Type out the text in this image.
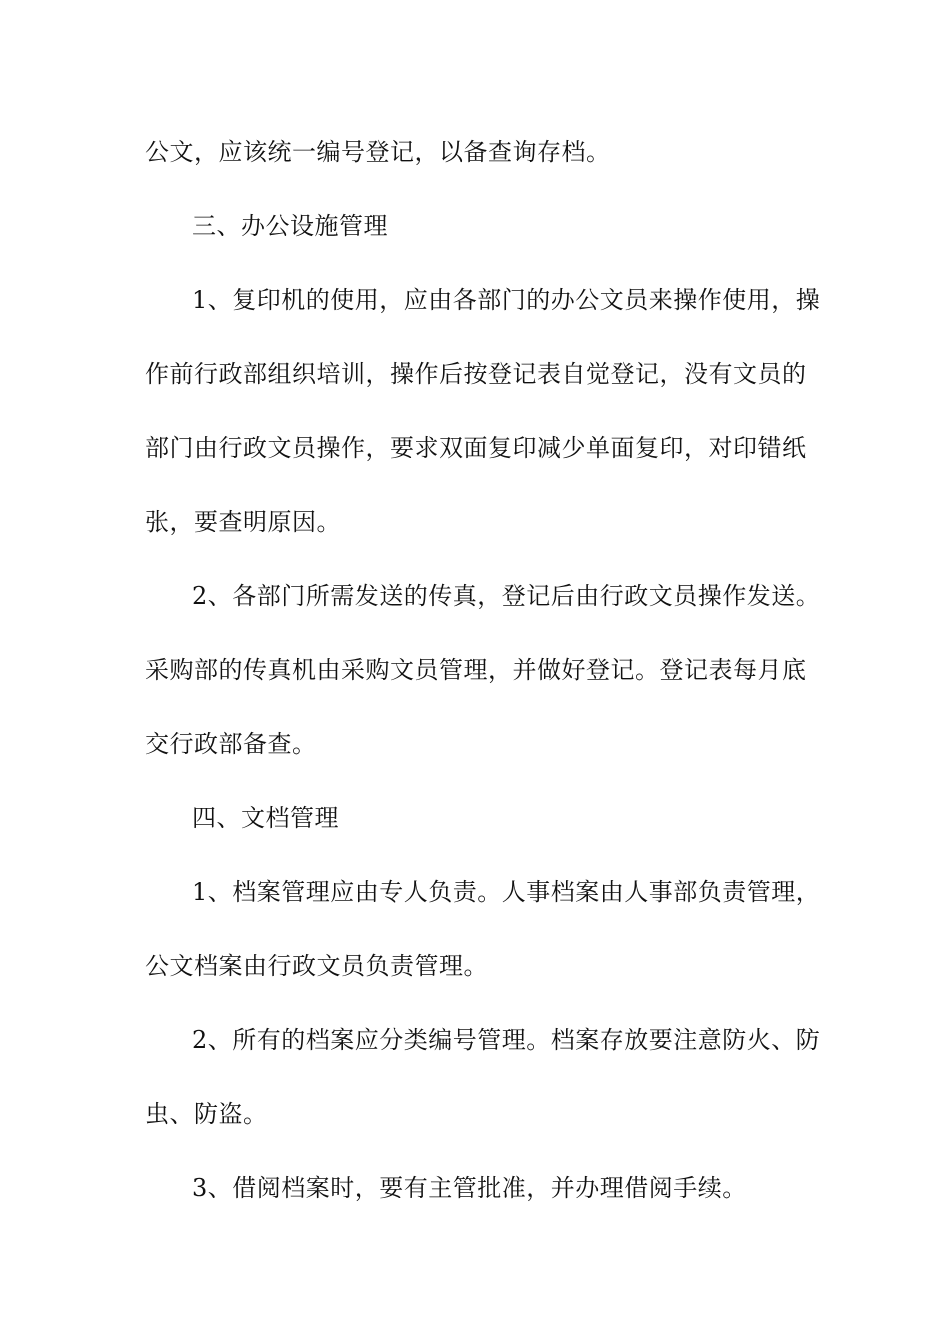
公文，应该统一编号登记，以备查询存档。
三、办公设施管理
1、复印机的使用，应由各部门的办公文员来操作使用，操
作前行政部组织培训，操作后按登记表自觉登记，没有文员的
部门由行政文员操作，要求双面复印减少单面复印，对印错纸
张，要查明原因。
2、各部门所需发送的传真，登记后由行政文员操作发送。
采购部的传真机由采购文员管理，并做好登记。登记表每月底
交行政部备查。
四、文档管理
1、档案管理应由专人负责。人事档案由人事部负责管理，
公文档案由行政文员负责管理。
2、所有的档案应分类编号管理。档案存放要注意防火、防
虫、防盗。
3、借阅档案时，要有主管批准，并办理借阅手续。
